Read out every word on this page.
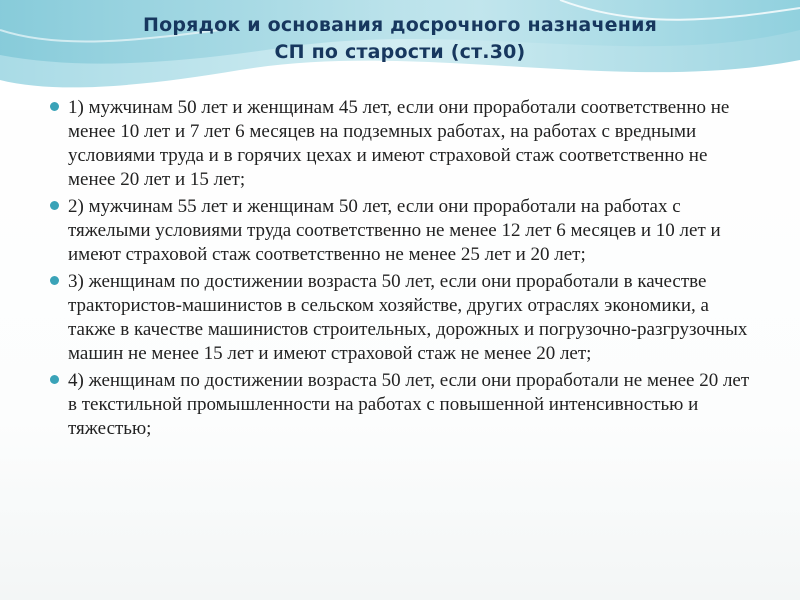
Порядок и основания досрочного назначения
СП по старости (ст.30)
1) мужчинам 50 лет и женщинам 45 лет, если они проработали соответственно не менее 10 лет и 7 лет 6 месяцев на подземных работах, на работах с вредными условиями труда и в горячих цехах и имеют страховой стаж соответственно не менее 20 лет и 15 лет;
2) мужчинам 55 лет и женщинам 50 лет, если они проработали на работах с тяжелыми условиями труда соответственно не менее 12 лет 6 месяцев и 10 лет и имеют страховой стаж соответственно не менее 25 лет и 20 лет;
3) женщинам по достижении возраста 50 лет, если они проработали в качестве трактористов-машинистов в сельском хозяйстве, других отраслях экономики, а также в качестве машинистов строительных, дорожных и погрузочно-разгрузочных машин не менее 15 лет и имеют страховой стаж не менее 20 лет;
4) женщинам по достижении возраста 50 лет, если они проработали не менее 20 лет в текстильной промышленности на работах с повышенной интенсивностью и тяжестью;
